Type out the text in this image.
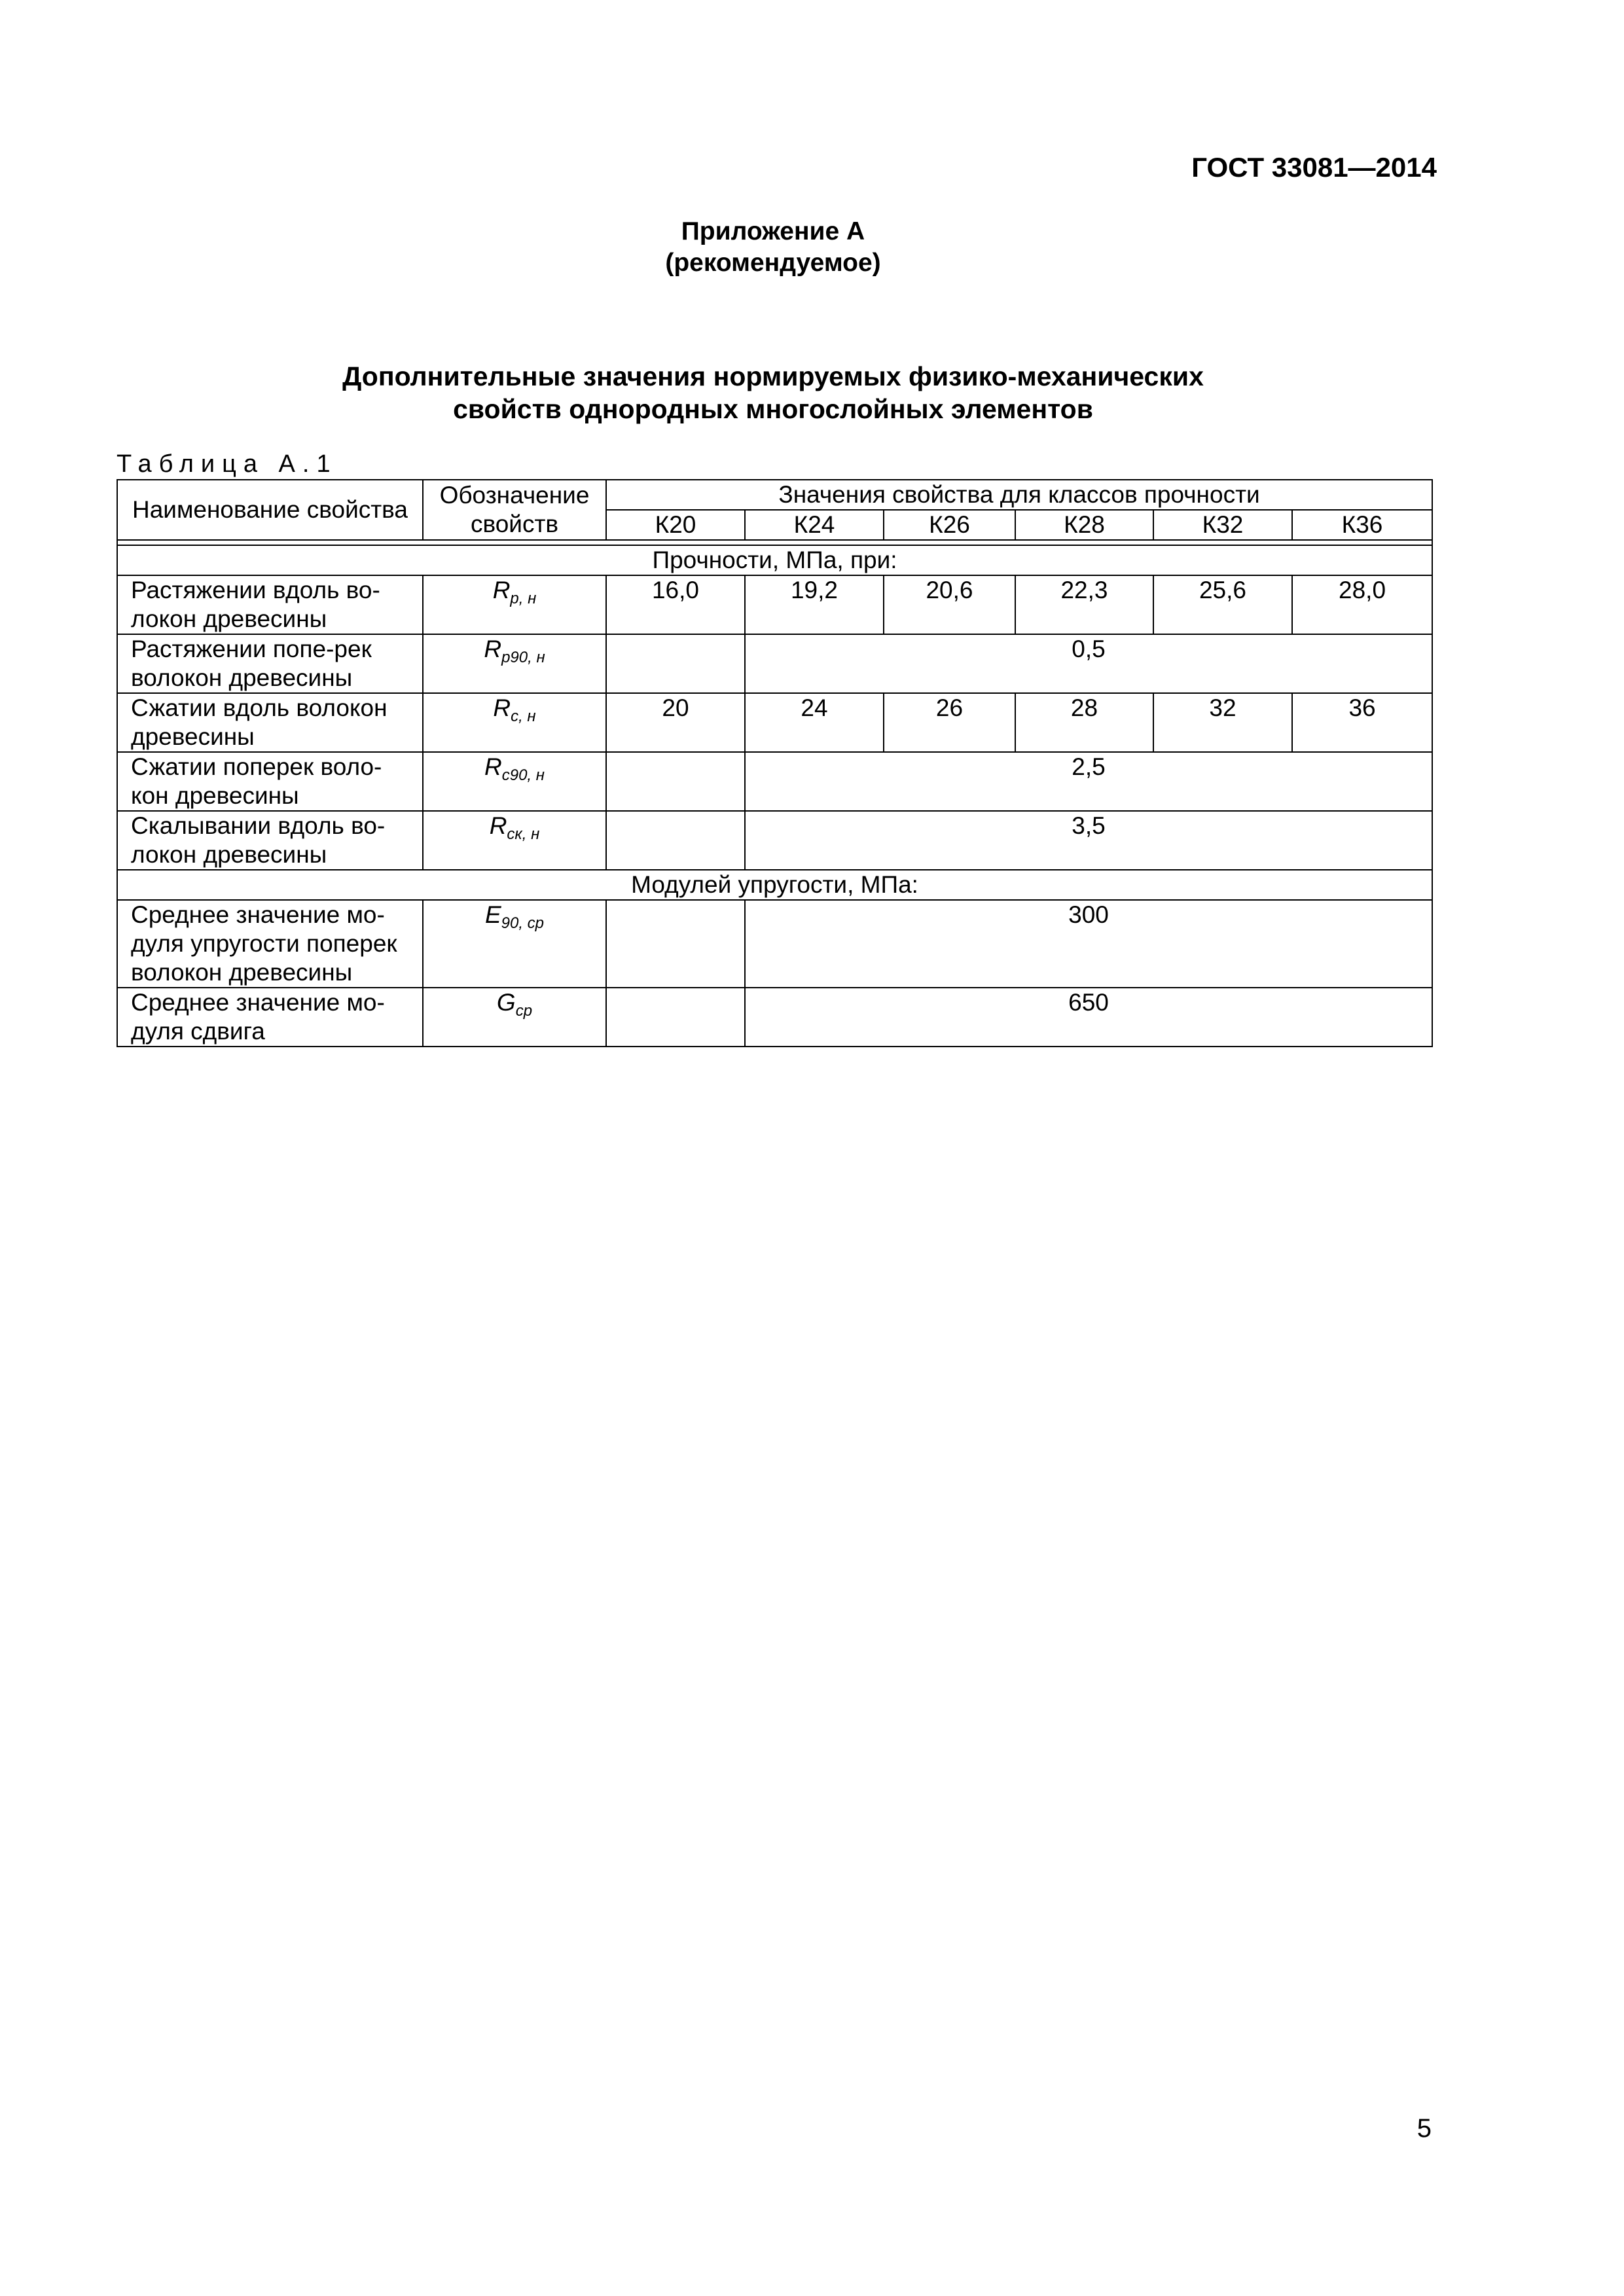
ГОСТ 33081—2014
Приложение А
(рекомендуемое)
Дополнительные значения нормируемых физико-механических
свойств однородных многослойных элементов
Таблица А.1
Наименование свойства	Обозначение свойств	Значения свойства для классов прочности					
		К20	К24	К26	К28	К32	К36

Прочности, МПа, при:							

Растяжении вдоль во-
локон древесины	$R_{р, н}$	16,0	19,2	20,6	22,3	25,6	28,0

Растяжении попе-рек
волокон древесины	$R_{р90, н}$		0,5				

Сжатии вдоль волокон
древесины	$R_{с, н}$	20	24	26	28	32	36

Сжатии поперек воло-
кон древесины	$R_{с90, н}$		2,5				

Скалывании вдоль во-
локон древесины	$R_{ск, н}$		3,5				
Модулей упругости, МПа:							

Среднее значение мо-
дуля упругости поперек
волокон древесины	$E_{90, ср}$		300				

Среднее значение мо-
дуля сдвига	$G_{ср}$		650				
5
